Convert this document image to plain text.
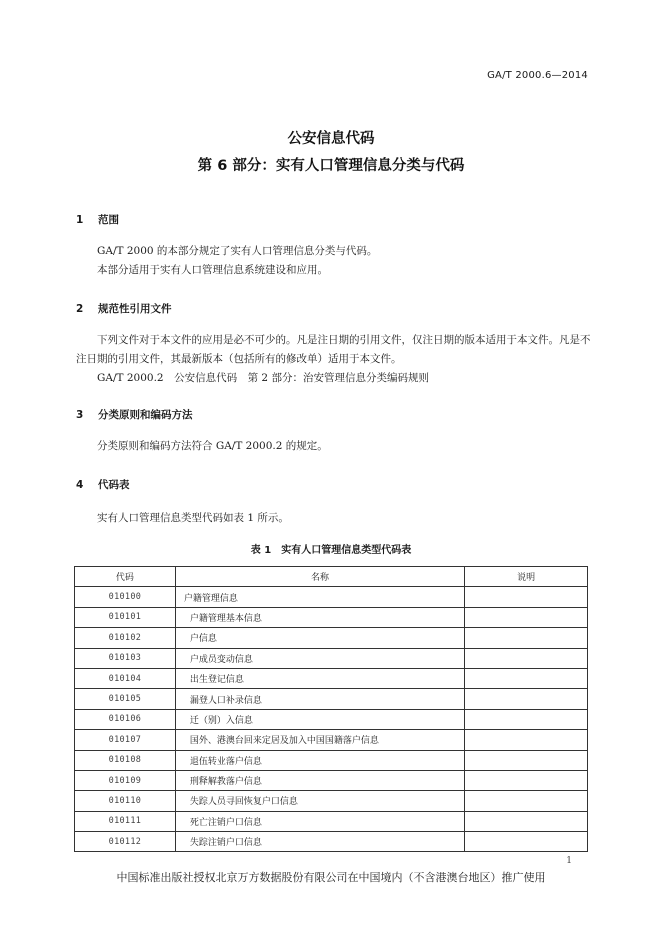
GA/T 2000.6—2014
公安信息代码
第 6 部分：实有人口管理信息分类与代码
1 范围
GA/T 2000 的本部分规定了实有人口管理信息分类与代码。
本部分适用于实有人口管理信息系统建设和应用。
2 规范性引用文件
下列文件对于本文件的应用是必不可少的。凡是注日期的引用文件，仅注日期的版本适用于本文件。凡是不注日期的引用文件，其最新版本（包括所有的修改单）适用于本文件。
GA/T 2000.2　公安信息代码　第 2 部分：治安管理信息分类编码规则
3 分类原则和编码方法
分类原则和编码方法符合 GA/T 2000.2 的规定。
4 代码表
实有人口管理信息类型代码如表 1 所示。
表 1　实有人口管理信息类型代码表
代码	名称	说明
010100	户籍管理信息	
010101	户籍管理基本信息	
010102	户信息	
010103	户成员变动信息	
010104	出生登记信息	
010105	漏登人口补录信息	
010106	迁（别）入信息	
010107	国外、港澳台回来定居及加入中国国籍落户信息	
010108	退伍转业落户信息	
010109	刑释解教落户信息	
010110	失踪人员寻回恢复户口信息	
010111	死亡注销户口信息	
010112	失踪注销户口信息	
1
中国标准出版社授权北京万方数据股份有限公司在中国境内（不含港澳台地区）推广使用
